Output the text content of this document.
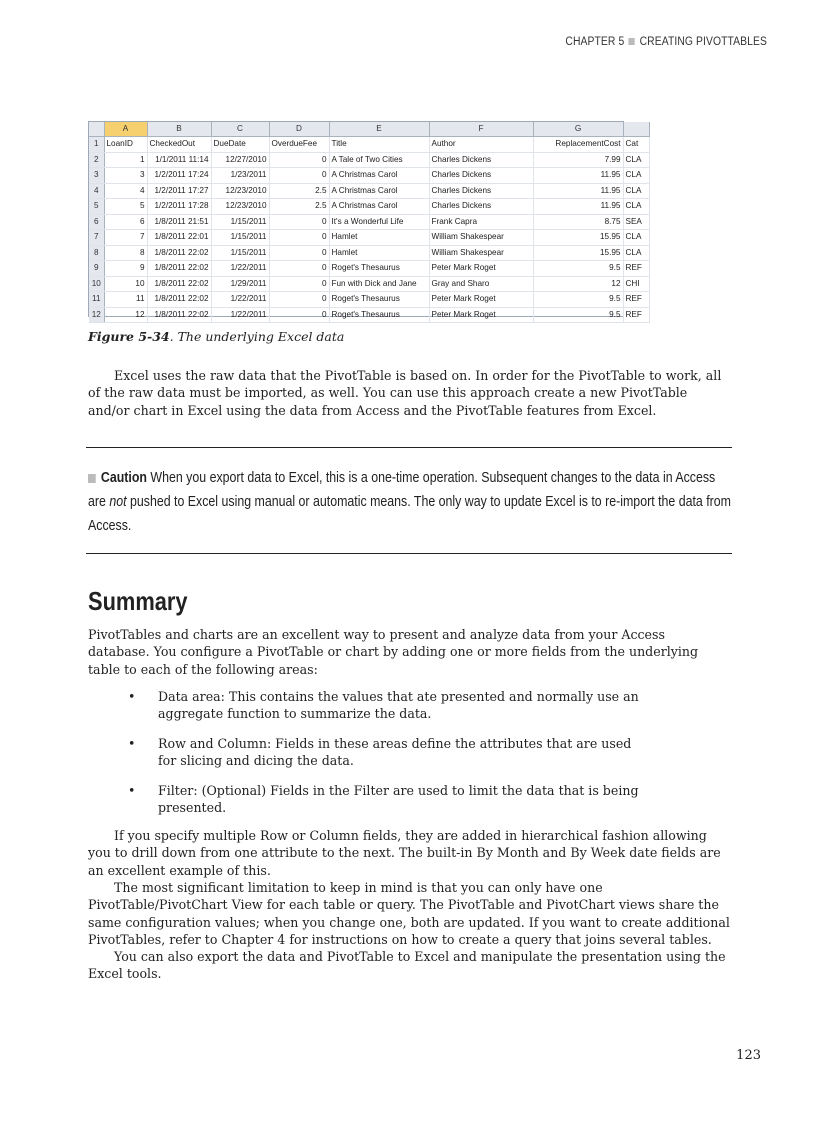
CHAPTER 5 CREATING PIVOTTABLES
	A	B	C	D	E	F	G	
1	LoanID	CheckedOut	DueDate	OverdueFee	Title	Author	ReplacementCost	Cat
2	1	1/1/2011 11:14	12/27/2010	0	A Tale of Two Cities	Charles Dickens	7.99	CLA
3	3	1/2/2011 17:24	1/23/2011	0	A Christmas Carol	Charles Dickens	11.95	CLA
4	4	1/2/2011 17:27	12/23/2010	2.5	A Christmas Carol	Charles Dickens	11.95	CLA
5	5	1/2/2011 17:28	12/23/2010	2.5	A Christmas Carol	Charles Dickens	11.95	CLA
6	6	1/8/2011 21:51	1/15/2011	0	It's a Wonderful Life	Frank Capra	8.75	SEA
7	7	1/8/2011 22:01	1/15/2011	0	Hamlet	William Shakespear	15.95	CLA
8	8	1/8/2011 22:02	1/15/2011	0	Hamlet	William Shakespear	15.95	CLA
9	9	1/8/2011 22:02	1/22/2011	0	Roget's Thesaurus	Peter Mark Roget	9.5	REF
10	10	1/8/2011 22:02	1/29/2011	0	Fun with Dick and Jane	Gray and Sharo	12	CHI
11	11	1/8/2011 22:02	1/22/2011	0	Roget's Thesaurus	Peter Mark Roget	9.5	REF
12	12	1/8/2011 22:02	1/22/2011	0	Roget's Thesaurus	Peter Mark Roget	9.5	REF
Figure 5-34. The underlying Excel data

Excel uses the raw data that the PivotTable is based on. In order for the PivotTable to work, all of the raw data must be imported, as well. You can use this approach create a new PivotTable and/or chart in Excel using the data from Access and the PivotTable features from Excel.

Caution When you export data to Excel, this is a one-time operation. Subsequent changes to the data in Access are not pushed to Excel using manual or automatic means. The only way to update Excel is to re-import the data from Access.
Summary

PivotTables and charts are an excellent way to present and analyze data from your Access database. You configure a PivotTable or chart by adding one or more fields from the underlying table to each of the following areas:

• Data area: This contains the values that ate presented and normally use an aggregate function to summarize the data.
• Row and Column: Fields in these areas define the attributes that are used for slicing and dicing the data.
• Filter: (Optional) Fields in the Filter are used to limit the data that is being presented.

If you specify multiple Row or Column fields, they are added in hierarchical fashion allowing you to drill down from one attribute to the next. The built-in By Month and By Week date fields are an excellent example of this.

The most significant limitation to keep in mind is that you can only have one PivotTable/PivotChart View for each table or query. The PivotTable and PivotChart views share the same configuration values; when you change one, both are updated. If you want to create additional PivotTables, refer to Chapter 4 for instructions on how to create a query that joins several tables.

You can also export the data and PivotTable to Excel and manipulate the presentation using the Excel tools.

123
